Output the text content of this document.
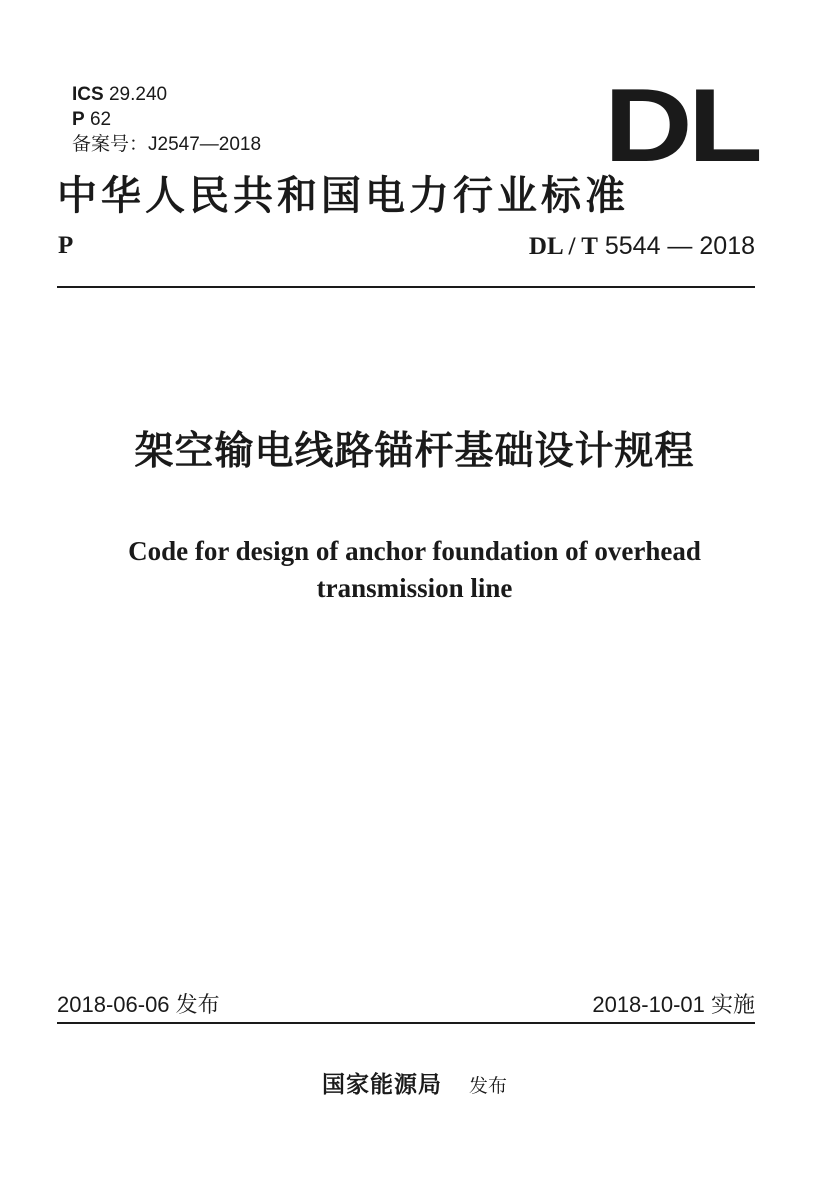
ICS 29.240
P 62
备案号：J2547—2018	DL
中华人民共和国电力行业标准
P	DL / T 5544 — 2018
架空输电线路锚杆基础设计规程
Code for design of anchor foundation of overhead
transmission line
2018-06-06 发布	2018-10-01 实施
国家能源局 发布
